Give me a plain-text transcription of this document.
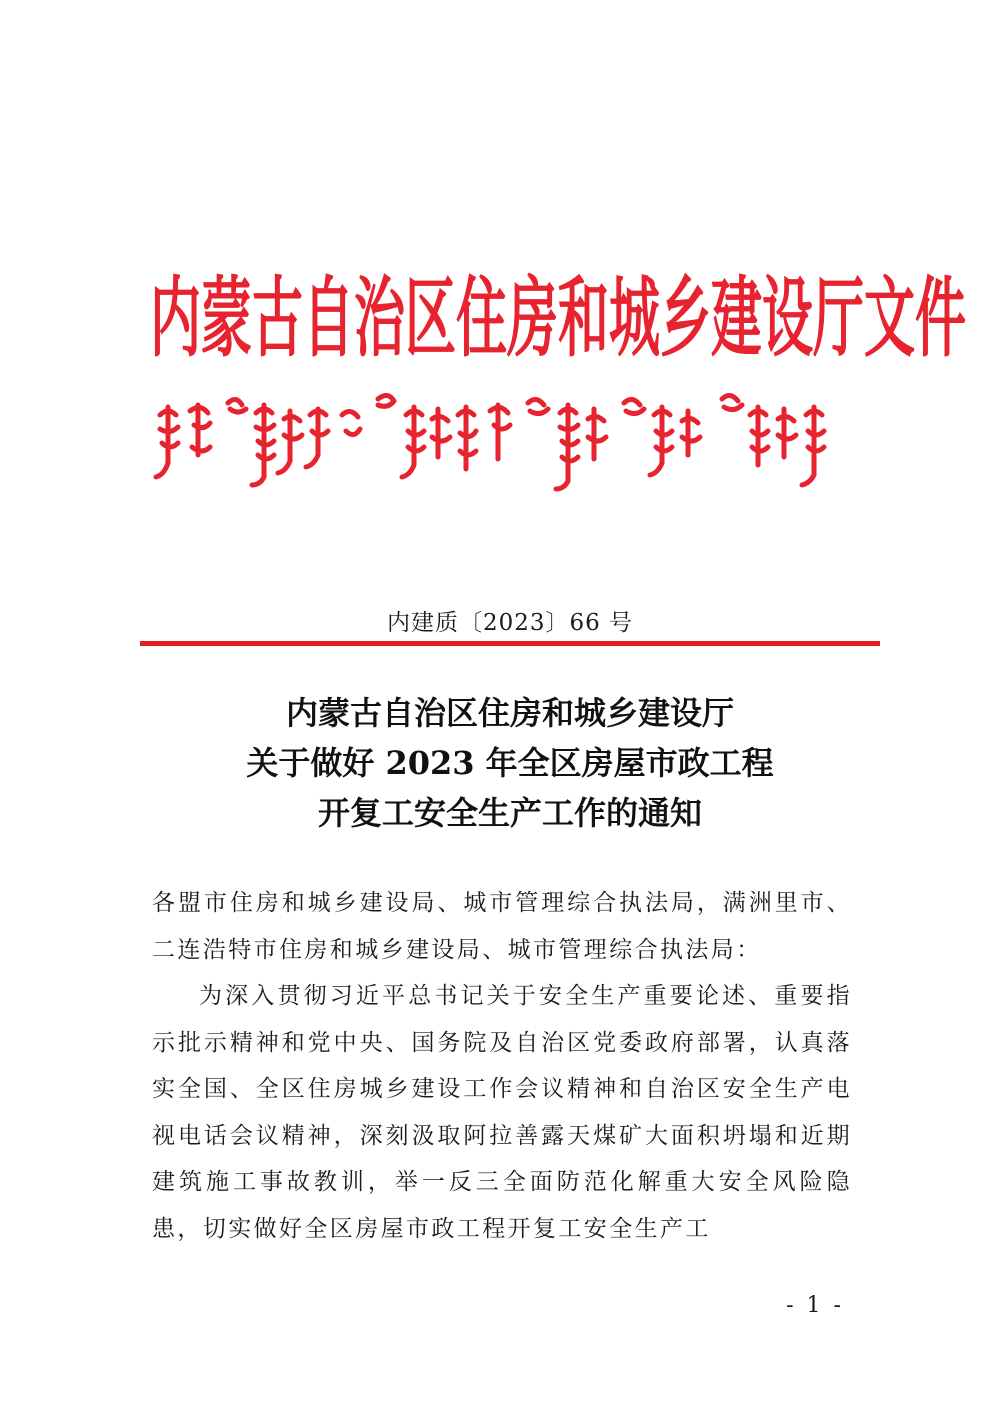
内蒙古自治区住房和城乡建设厅文件
内建质〔2023〕66 号
内蒙古自治区住房和城乡建设厅
关于做好 2023 年全区房屋市政工程
开复工安全生产工作的通知

各盟市住房和城乡建设局、城市管理综合执法局，满洲里市、二连浩特市住房和城乡建设局、城市管理综合执法局：

为深入贯彻习近平总书记关于安全生产重要论述、重要指示批示精神和党中央、国务院及自治区党委政府部署，认真落实全国、全区住房城乡建设工作会议精神和自治区安全生产电视电话会议精神，深刻汲取阿拉善露天煤矿大面积坍塌和近期建筑施工事故教训，举一反三全面防范化解重大安全风险隐患，切实做好全区房屋市政工程开复工安全生产工

- 1 -
